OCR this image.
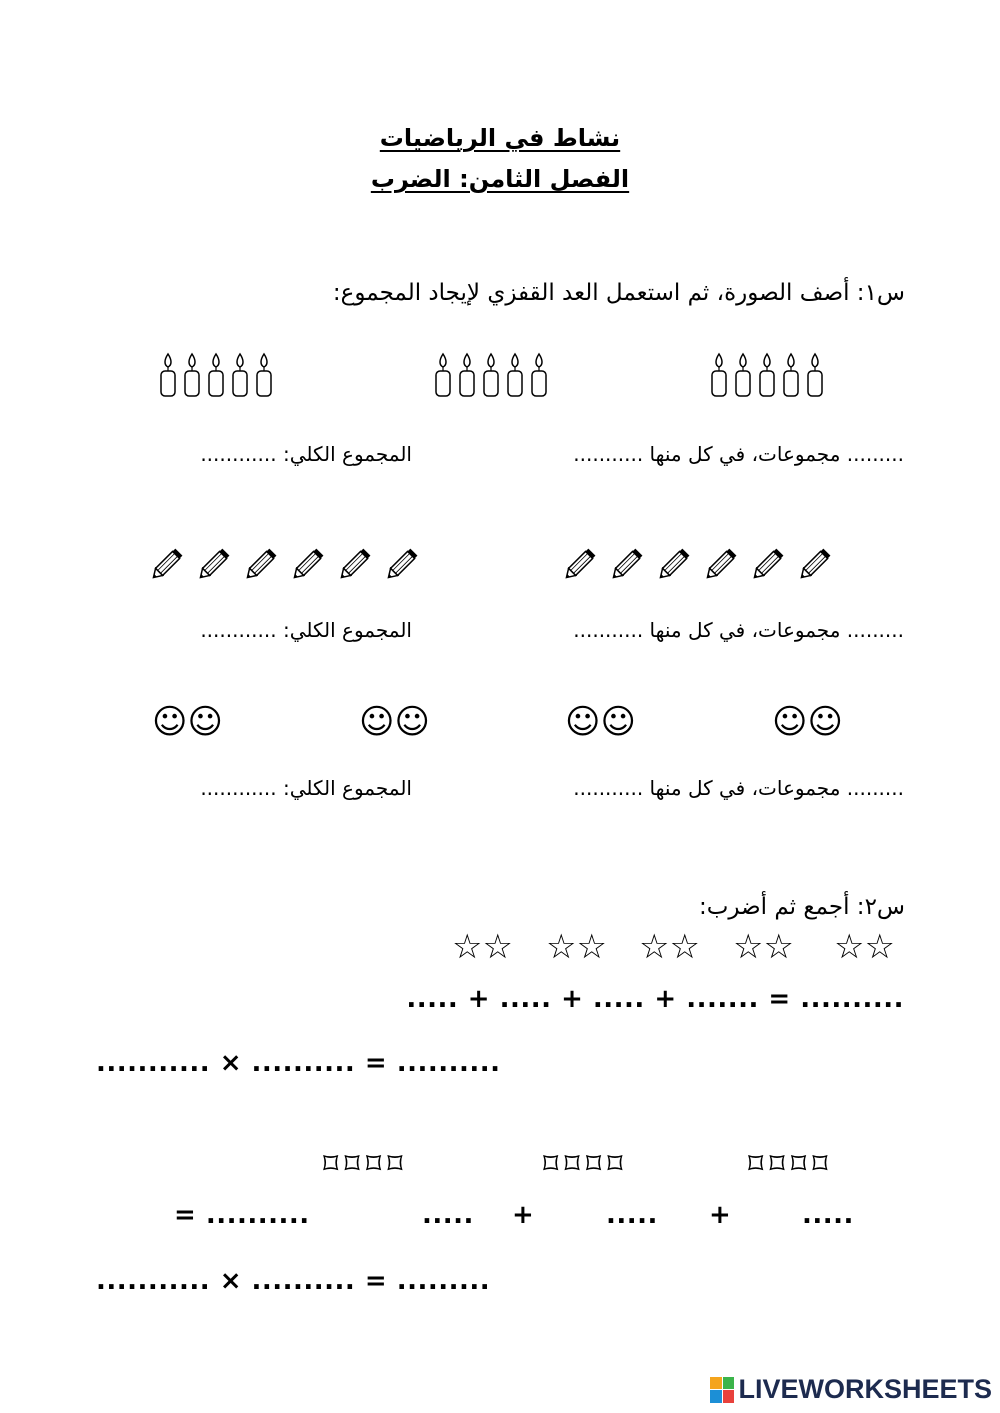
نشاط في الرياضيات
الفصل الثامن: الضرب
س١: أصف الصورة، ثم استعمل العد القفزي لإيجاد المجموع:
......... مجموعات، في كل منها ...........
المجموع الكلي: ............
......... مجموعات، في كل منها ...........
المجموع الكلي: ............
☺☺	☺☺	☺☺	☺☺
......... مجموعات، في كل منها ...........
المجموع الكلي: ............
س٢: أجمع ثم أضرب:
☆☆ ☆☆ ☆☆ ☆☆ ☆☆
..... + ..... + ..... + ....... = ..........
........... × .......... = ..........
⌑⌑⌑⌑	⌑⌑⌑⌑	⌑⌑⌑⌑
= ..........	..... +	..... +	.....
........... × .......... = .........
LIVEWORKSHEETS
